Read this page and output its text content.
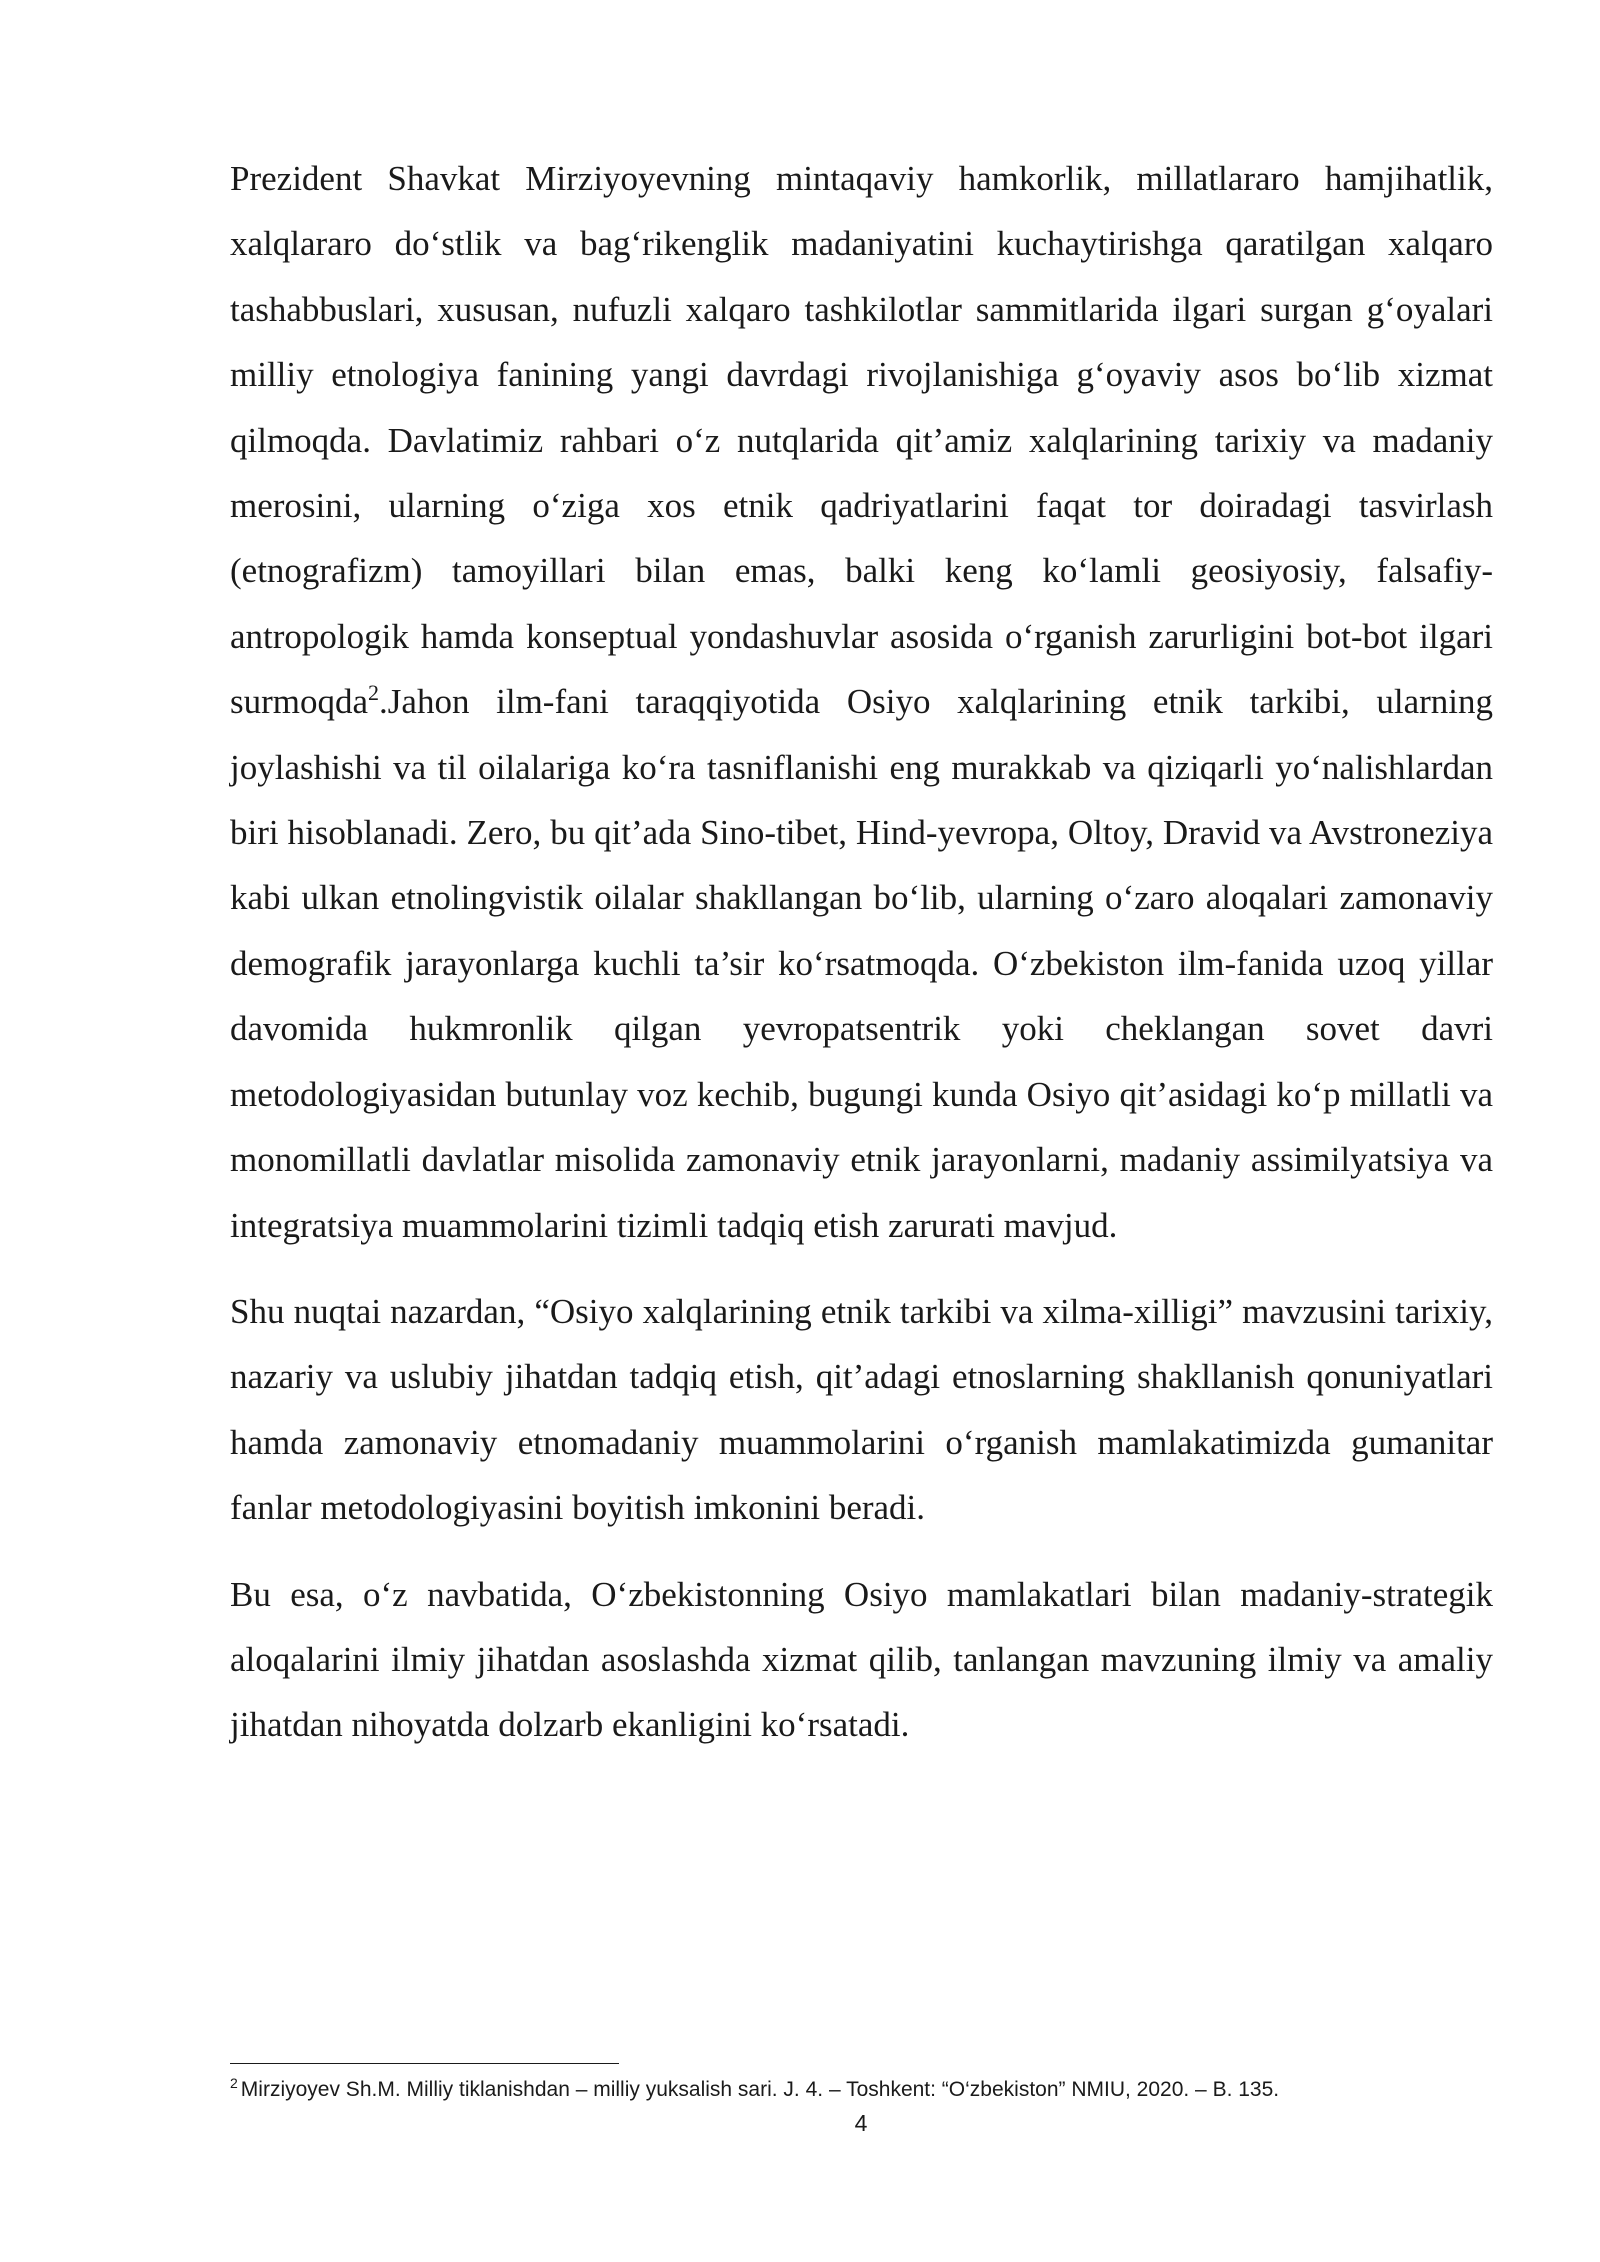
Prezident Shavkat Mirziyoyevning mintaqaviy hamkorlik, millatlararo hamjihatlik, xalqlararo do‘stlik va bag‘rikenglik madaniyatini kuchaytirishga qaratilgan xalqaro tashabbuslari, xususan, nufuzli xalqaro tashkilotlar sammitlarida ilgari surgan g‘oyalari milliy etnologiya fanining yangi davrdagi rivojlanishiga g‘oyaviy asos bo‘lib xizmat qilmoqda. Davlatimiz rahbari o‘z nutqlarida qit’amiz xalqlarining tarixiy va madaniy merosini, ularning o‘ziga xos etnik qadriyatlarini faqat tor doiradagi tasvirlash (etnografizm) tamoyillari bilan emas, balki keng ko‘lamli geosiyosiy, falsafiy-antropologik hamda konseptual yondashuvlar asosida o‘rganish zarurligini bot-bot ilgari surmoqda$^2$.Jahon ilm-fani taraqqiyotida Osiyo xalqlarining etnik tarkibi, ularning joylashishi va til oilalariga ko‘ra tasniflanishi eng murakkab va qiziqarli yo‘nalishlardan biri hisoblanadi. Zero, bu qit’ada Sino-tibet, Hind-yevropa, Oltoy, Dravid va Avstroneziya kabi ulkan etnolingvistik oilalar shakllangan bo‘lib, ularning o‘zaro aloqalari zamonaviy demografik jarayonlarga kuchli ta’sir ko‘rsatmoqda. O‘zbekiston ilm-fanida uzoq yillar davomida hukmronlik qilgan yevropatsentrik yoki cheklangan sovet davri metodologiyasidan butunlay voz kechib, bugungi kunda Osiyo qit’asidagi ko‘p millatli va monomillatli davlatlar misolida zamonaviy etnik jarayonlarni, madaniy assimilyatsiya va integratsiya muammolarini tizimli tadqiq etish zarurati mavjud.

Shu nuqtai nazardan, “Osiyo xalqlarining etnik tarkibi va xilma-xilligi” mavzusini tarixiy, nazariy va uslubiy jihatdan tadqiq etish, qit’adagi etnoslarning shakllanish qonuniyatlari hamda zamonaviy etnomadaniy muammolarini o‘rganish mamlakatimizda gumanitar fanlar metodologiyasini boyitish imkonini beradi.

Bu esa, o‘z navbatida, O‘zbekistonning Osiyo mamlakatlari bilan madaniy-strategik aloqalarini ilmiy jihatdan asoslashda xizmat qilib, tanlangan mavzuning ilmiy va amaliy jihatdan nihoyatda dolzarb ekanligini ko‘rsatadi.

$^2$ Mirziyoyev Sh.M. Milliy tiklanishdan – milliy yuksalish sari. J. 4. – Toshkent: “O‘zbekiston” NMIU, 2020. – B. 135.
4
